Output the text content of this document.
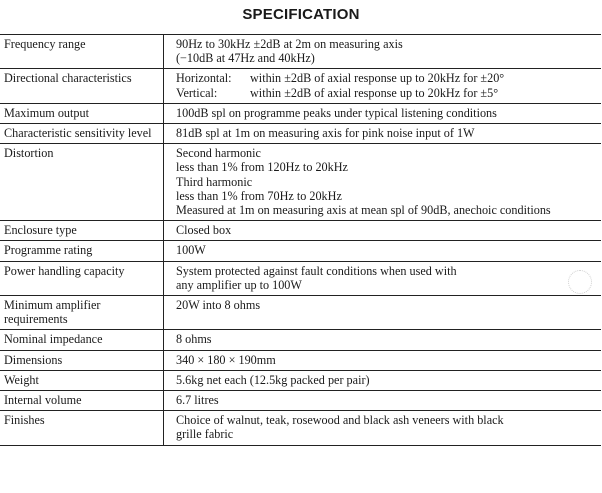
SPECIFICATION
Frequency range	90Hz to 30kHz ±2dB at 2m on measuring axis
(−10dB at 47Hz and 40kHz)

Directional characteristics	Horizontal: within ±2dB of axial response up to 20kHz for ±20°
Vertical: within ±2dB of axial response up to 20kHz for ±5°

Maximum output	100dB spl on programme peaks under typical listening conditions

Characteristic sensitivity level	81dB spl at 1m on measuring axis for pink noise input of 1W

Distortion	Second harmonic
less than 1% from 120Hz to 20kHz
Third harmonic
less than 1% from 70Hz to 20kHz
Measured at 1m on measuring axis at mean spl of 90dB, anechoic conditions

Enclosure type	Closed box

Programme rating	100W

Power handling capacity	System protected against fault conditions when used with
any amplifier up to 100W

Minimum amplifier requirements	20W into 8 ohms

Nominal impedance	8 ohms

Dimensions	340 × 180 × 190mm

Weight	5.6kg net each (12.5kg packed per pair)

Internal volume	6.7 litres

Finishes	Choice of walnut, teak, rosewood and black ash veneers with black
grille fabric
